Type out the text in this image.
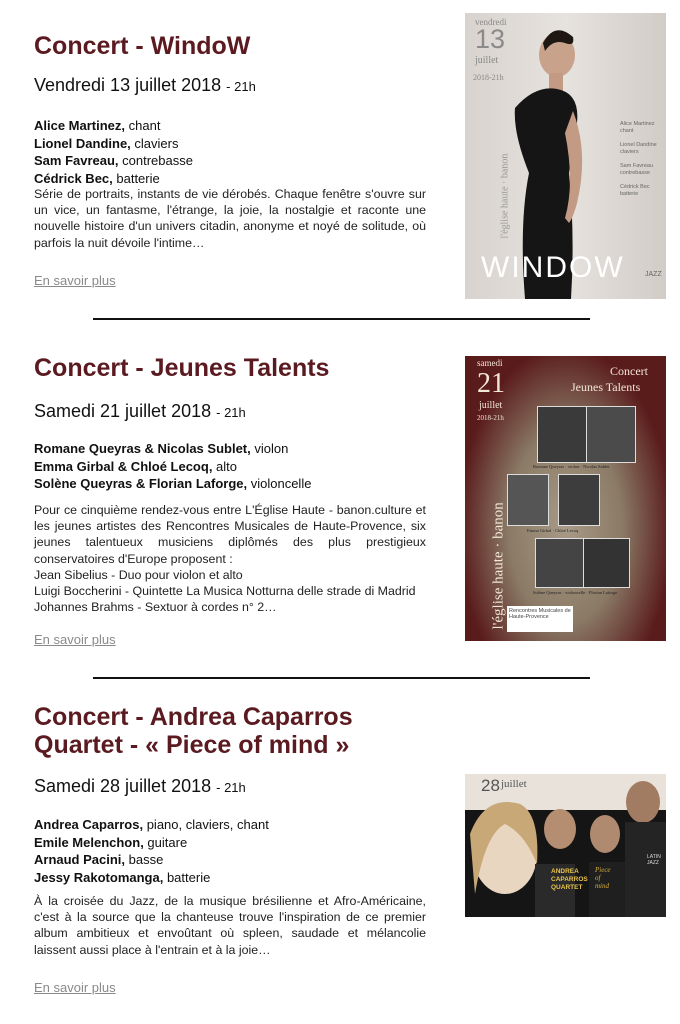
Concert - WindoW
Vendredi 13 juillet 2018 - 21h
Alice Martinez, chant
Lionel Dandine, claviers
Sam Favreau, contrebasse
Cédrick Bec, batterie

Série de portraits, instants de vie dérobés. Chaque fenêtre s'ouvre sur un vice, un fantasme, l'étrange, la joie, la nostalgie et raconte une nouvelle histoire d'un univers citadin, anonyme et noyé de solitude, où parfois la nuit dévoile l'intime…

En savoir plus
vendredi
13
juillet
2018-21h
l'église haute · banon
Alice Martinez
chant

Lionel Dandine
claviers

Sam Favreau
contrebasse

Cédrick Bec
batterie
WINDOW	JAZZ
Concert - Jeunes Talents
Samedi 21 juillet 2018 - 21h
Romane Queyras & Nicolas Sublet, violon
Emma Girbal & Chloé Lecoq, alto
Solène Queyras & Florian Laforge, violoncelle
Pour ce cinquième rendez-vous entre L'Église Haute - banon.culture et les jeunes artistes des Rencontres Musicales de Haute-Provence, six jeunes talentueux musiciens diplômés des plus prestigieux conservatoires d'Europe proposent :
Jean Sibelius - Duo pour violon et alto
Luigi Boccherini - Quintette La Musica Notturna delle strade di Madrid
Johannes Brahms - Sextuor à cordes n° 2…
En savoir plus
samedi
21
juillet
2018-21h
Concert
Jeunes Talents
l'église haute · banon
Romane Queyras · violon · Nicolas Sublet
Emma Girbal · Chloé Lecoq
Solène Queyras · violoncelle · Florian Laforge
Rencontres Musicales de Haute-Provence
Concert - Andrea Caparros
Quartet - « Piece of mind »
Samedi 28 juillet 2018 - 21h
Andrea Caparros, piano, claviers, chant
Emile Melenchon, guitare
Arnaud Pacini, basse
Jessy Rakotomanga, batterie

À la croisée du Jazz, de la musique brésilienne et Afro-Américaine, c'est à la source que la chanteuse trouve l'inspiration de ce premier album ambitieux et envoûtant où spleen, saudade et mélancolie laissent aussi place à l'entrain et à la joie…

En savoir plus
28 juillet
ANDREA
CAPARROS
QUARTET
Piece
of
mind
LATIN
JAZZ
